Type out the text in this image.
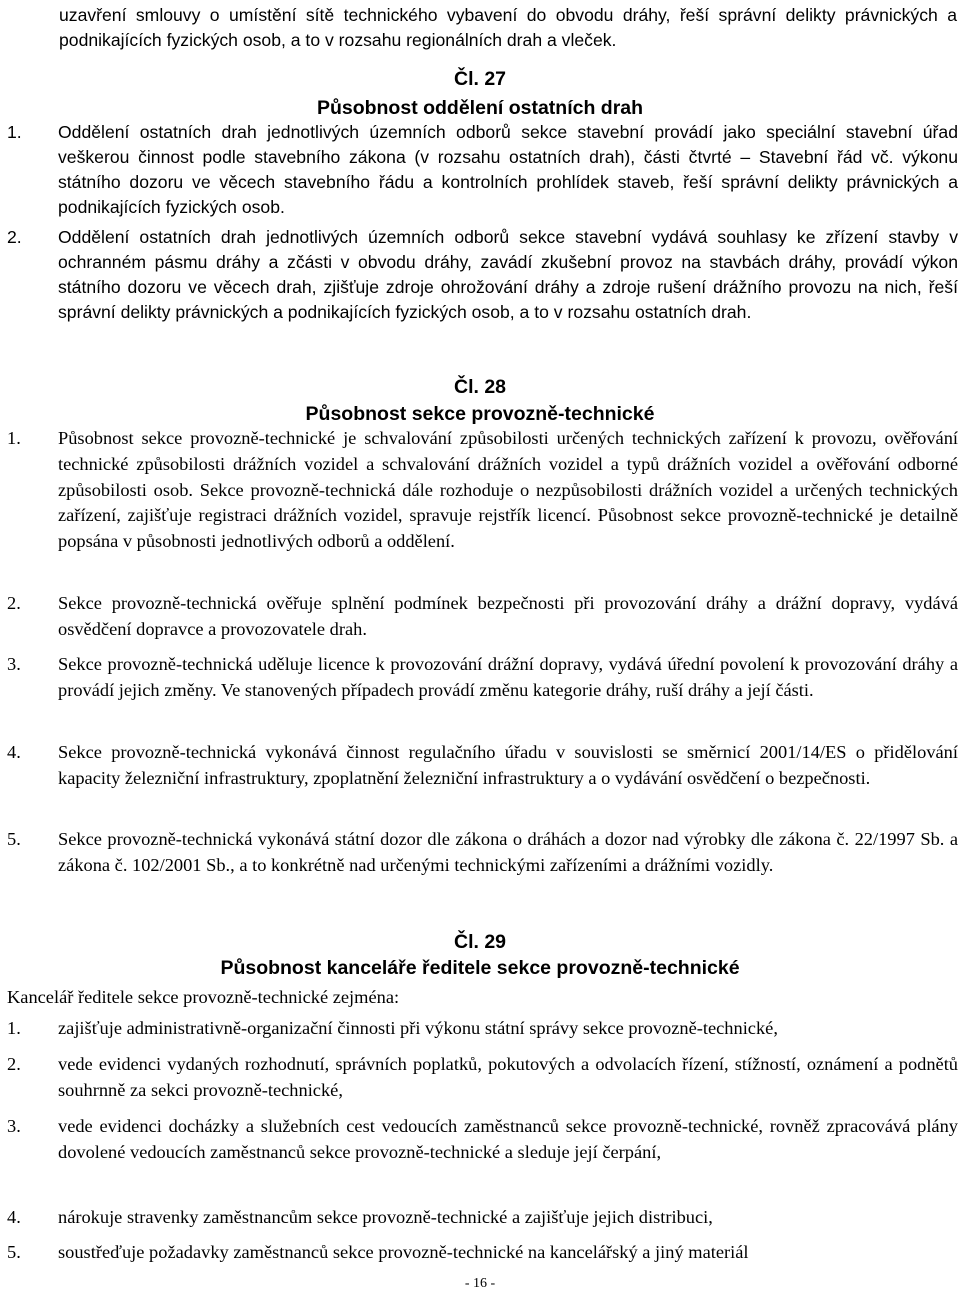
uzavření smlouvy o umístění sítě technického vybavení do obvodu dráhy, řeší správní delikty právnických a podnikajících fyzických osob, a to v rozsahu regionálních drah a vleček.
Čl. 27
Působnost oddělení ostatních drah
1. Oddělení ostatních drah jednotlivých územních odborů sekce stavební provádí jako speciální stavební úřad veškerou činnost podle stavebního zákona (v rozsahu ostatních drah), části čtvrté – Stavební řád vč. výkonu státního dozoru ve věcech stavebního řádu a kontrolních prohlídek staveb, řeší správní delikty právnických a podnikajících fyzických osob.
2. Oddělení ostatních drah jednotlivých územních odborů sekce stavební vydává souhlasy ke zřízení stavby v ochranném pásmu dráhy a zčásti v obvodu dráhy, zavádí zkušební provoz na stavbách dráhy, provádí výkon státního dozoru ve věcech drah, zjišťuje zdroje ohrožování dráhy a zdroje rušení drážního provozu na nich, řeší správní delikty právnických a podnikajících fyzických osob, a to v rozsahu ostatních drah.
Čl. 28
Působnost sekce provozně-technické
1. Působnost sekce provozně-technické je schvalování způsobilosti určených technických zařízení k provozu, ověřování technické způsobilosti drážních vozidel a schvalování drážních vozidel a typů drážních vozidel a ověřování odborné způsobilosti osob. Sekce provozně-technická dále rozhoduje o nezpůsobilosti drážních vozidel a určených technických zařízení, zajišťuje registraci drážních vozidel, spravuje rejstřík licencí. Působnost sekce provozně-technické je detailně popsána v působnosti jednotlivých odborů a oddělení.
2. Sekce provozně-technická ověřuje splnění podmínek bezpečnosti při provozování dráhy a drážní dopravy, vydává osvědčení dopravce a provozovatele drah.
3. Sekce provozně-technická uděluje licence k provozování drážní dopravy, vydává úřední povolení k provozování dráhy a provádí jejich změny. Ve stanovených případech provádí změnu kategorie dráhy, ruší dráhy a její části.
4. Sekce provozně-technická vykonává činnost regulačního úřadu v souvislosti se směrnicí 2001/14/ES o přidělování kapacity železniční infrastruktury, zpoplatnění železniční infrastruktury a o vydávání osvědčení o bezpečnosti.
5. Sekce provozně-technická vykonává státní dozor dle zákona o dráhách a dozor nad výrobky dle zákona č. 22/1997 Sb. a zákona č. 102/2001 Sb., a to konkrétně nad určenými technickými zařízeními a drážními vozidly.
Čl. 29
Působnost kanceláře ředitele sekce provozně-technické
Kancelář ředitele sekce provozně-technické zejména:
1. zajišťuje administrativně-organizační činnosti při výkonu státní správy sekce provozně-technické,
2. vede evidenci vydaných rozhodnutí, správních poplatků, pokutových a odvolacích řízení, stížností, oznámení a podnětů souhrnně za sekci provozně-technické,
3. vede evidenci docházky a služebních cest vedoucích zaměstnanců sekce provozně-technické, rovněž zpracovává plány dovolené vedoucích zaměstnanců sekce provozně-technické a sleduje její čerpání,
4. nárokuje stravenky zaměstnancům sekce provozně-technické a zajišťuje jejich distribuci,
5. soustřeďuje požadavky zaměstnanců sekce provozně-technické na kancelářský a jiný materiál
- 16 -
